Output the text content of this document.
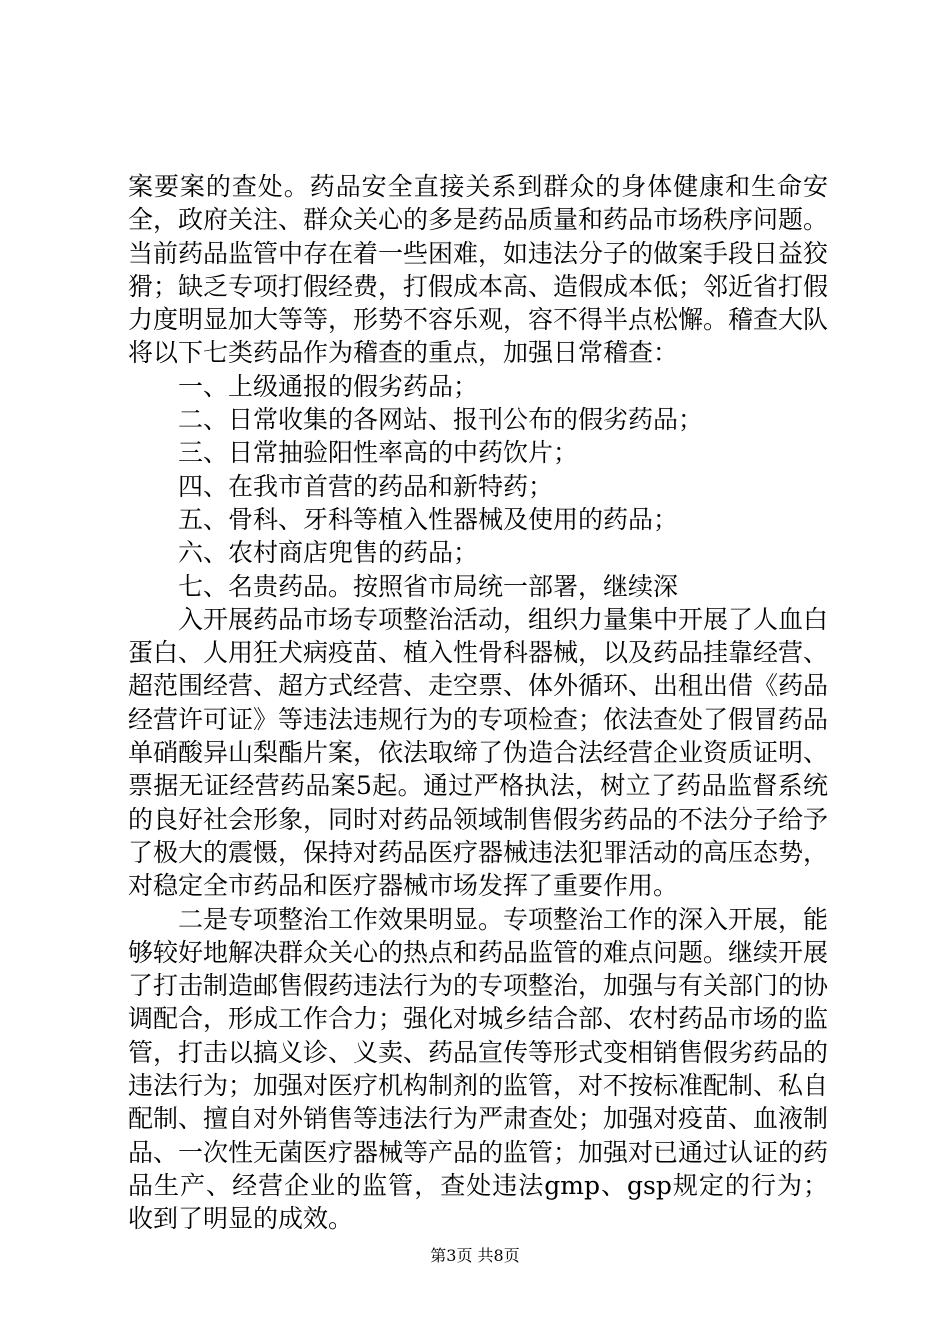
案要案的查处。药品安全直接关系到群众的身体健康和生命安全，政府关注、群众关心的多是药品质量和药品市场秩序问题。当前药品监管中存在着一些困难，如违法分子的做案手段日益狡猾；缺乏专项打假经费，打假成本高、造假成本低；邻近省打假力度明显加大等等，形势不容乐观，容不得半点松懈。稽查大队将以下七类药品作为稽查的重点，加强日常稽查：

一、上级通报的假劣药品；

二、日常收集的各网站、报刊公布的假劣药品；

三、日常抽验阳性率高的中药饮片；

四、在我市首营的药品和新特药；

五、骨科、牙科等植入性器械及使用的药品；

六、农村商店兜售的药品；

七、名贵药品。按照省市局统一部署，继续深

入开展药品市场专项整治活动，组织力量集中开展了人血白蛋白、人用狂犬病疫苗、植入性骨科器械，以及药品挂靠经营、超范围经营、超方式经营、走空票、体外循环、出租出借《药品经营许可证》等违法违规行为的专项检查；依法查处了假冒药品单硝酸异山梨酯片案，依法取缔了伪造合法经营企业资质证明、票据无证经营药品案5起。通过严格执法，树立了药品监督系统的良好社会形象，同时对药品领域制售假劣药品的不法分子给予了极大的震慑，保持对药品医疗器械违法犯罪活动的高压态势，对稳定全市药品和医疗器械市场发挥了重要作用。

二是专项整治工作效果明显。专项整治工作的深入开展，能够较好地解决群众关心的热点和药品监管的难点问题。继续开展了打击制造邮售假药违法行为的专项整治，加强与有关部门的协调配合，形成工作合力；强化对城乡结合部、农村药品市场的监管，打击以搞义诊、义卖、药品宣传等形式变相销售假劣药品的违法行为；加强对医疗机构制剂的监管，对不按标准配制、私自配制、擅自对外销售等违法行为严肃查处；加强对疫苗、血液制品、一次性无菌医疗器械等产品的监管；加强对已通过认证的药品生产、经营企业的监管，查处违法gmp、gsp规定的行为；收到了明显的成效。

第3页 共8页
